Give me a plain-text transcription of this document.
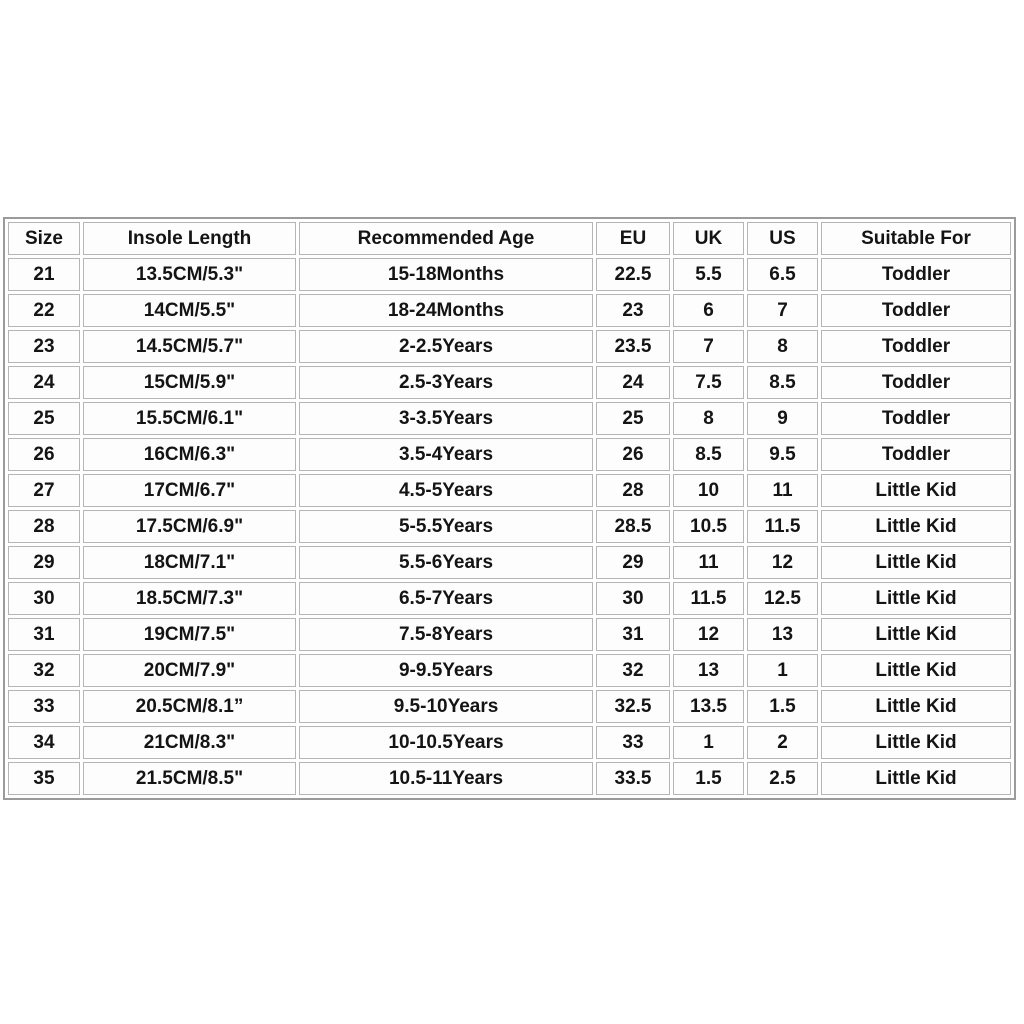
Size	Insole Length	Recommended Age	EU	UK	US	Suitable For
21	13.5CM/5.3"	15-18Months	22.5	5.5	6.5	Toddler
22	14CM/5.5"	18-24Months	23	6	7	Toddler
23	14.5CM/5.7"	2-2.5Years	23.5	7	8	Toddler
24	15CM/5.9"	2.5-3Years	24	7.5	8.5	Toddler
25	15.5CM/6.1"	3-3.5Years	25	8	9	Toddler
26	16CM/6.3"	3.5-4Years	26	8.5	9.5	Toddler
27	17CM/6.7"	4.5-5Years	28	10	11	Little Kid
28	17.5CM/6.9"	5-5.5Years	28.5	10.5	11.5	Little Kid
29	18CM/7.1"	5.5-6Years	29	11	12	Little Kid
30	18.5CM/7.3"	6.5-7Years	30	11.5	12.5	Little Kid
31	19CM/7.5"	7.5-8Years	31	12	13	Little Kid
32	20CM/7.9"	9-9.5Years	32	13	1	Little Kid
33	20.5CM/8.1”	9.5-10Years	32.5	13.5	1.5	Little Kid
34	21CM/8.3"	10-10.5Years	33	1	2	Little Kid
35	21.5CM/8.5"	10.5-11Years	33.5	1.5	2.5	Little Kid
